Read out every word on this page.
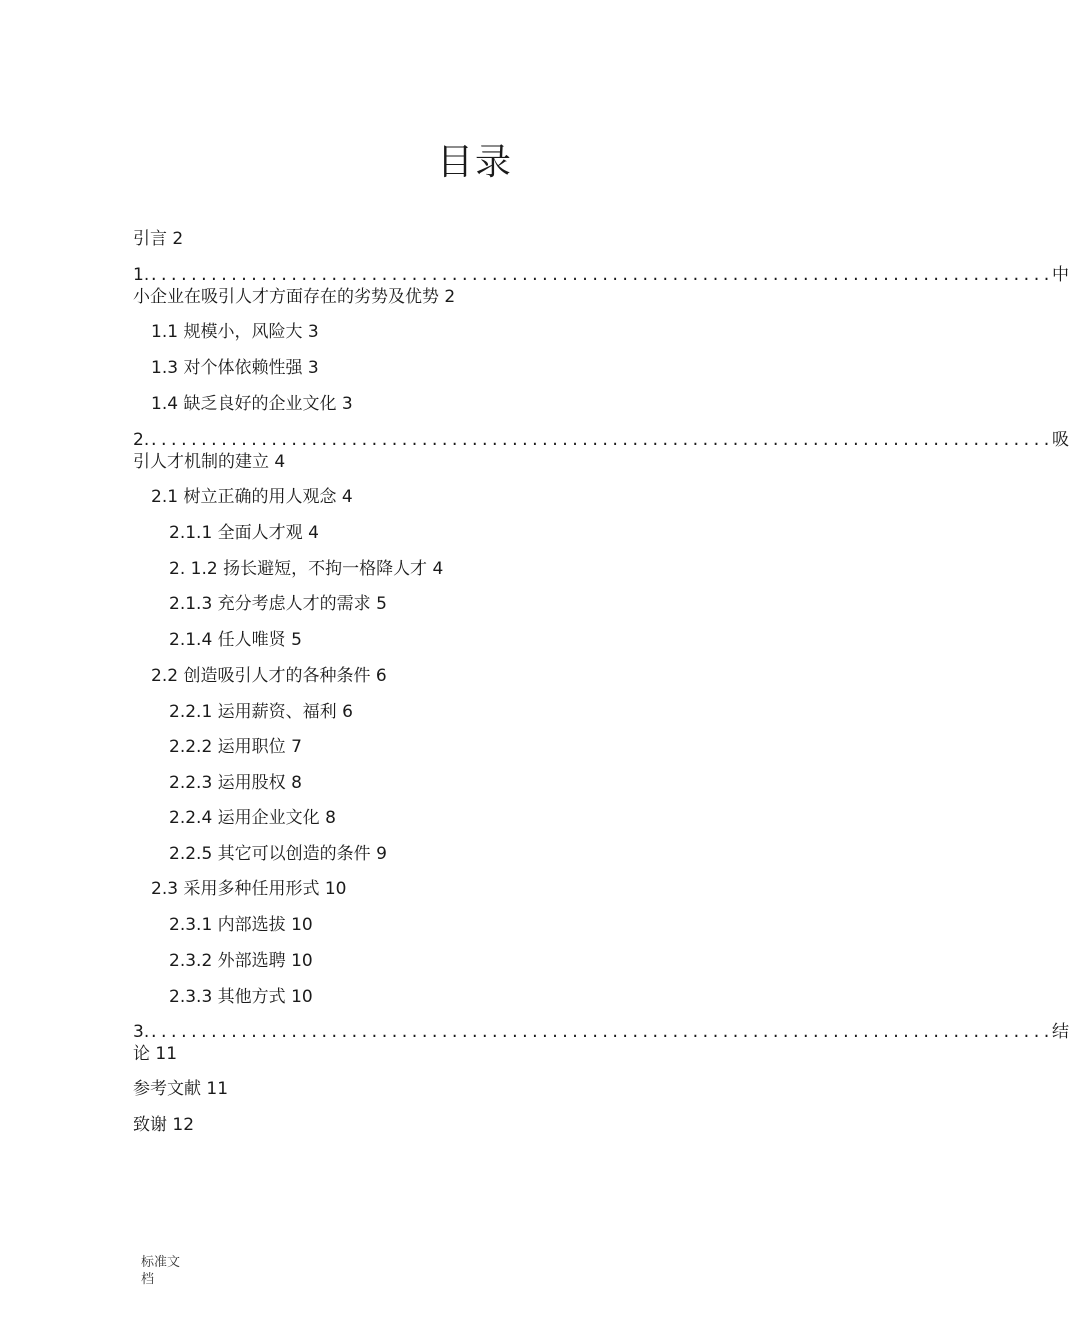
目录
引言 2
1. .......................................................................................... 中
小企业在吸引人才方面存在的劣势及优势 2
1.1 规模小，风险大 3
1.3 对个体依赖性强 3
1.4 缺乏良好的企业文化 3
2. .......................................................................................... 吸
引人才机制的建立 4
2.1 树立正确的用人观念 4
2.1.1 全面人才观 4
2. 1.2 扬长避短，不拘一格降人才 4
2.1.3 充分考虑人才的需求 5
2.1.4 任人唯贤 5
2.2 创造吸引人才的各种条件 6
2.2.1 运用薪资、福利 6
2.2.2 运用职位 7
2.2.3 运用股权 8
2.2.4 运用企业文化 8
2.2.5 其它可以创造的条件 9
2.3 采用多种任用形式 10
2.3.1 内部选拔 10
2.3.2 外部选聘 10
2.3.3 其他方式 10
3. .......................................................................................... 结
论 11
参考文献 11
致谢 12
标准文档
